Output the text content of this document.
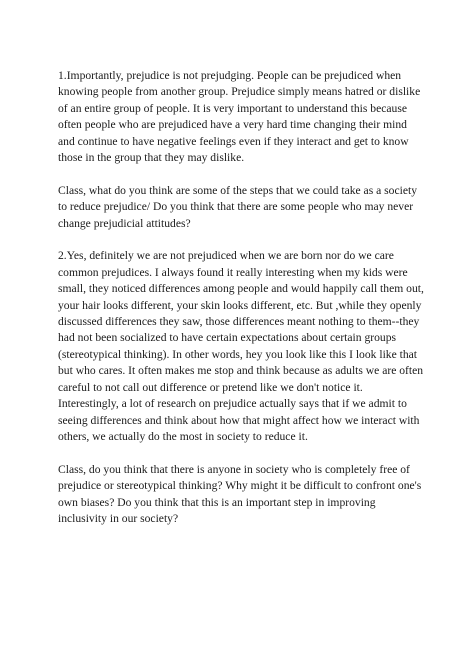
1.Importantly, prejudice is not prejudging. People can be prejudiced when knowing people from another group. Prejudice simply means hatred or dislike of an entire group of people. It is very important to understand this because often people who are prejudiced have a very hard time changing their mind and continue to have negative feelings even if they interact and get to know those in the group that they may dislike.

Class, what do you think are some of the steps that we could take as a society to reduce prejudice/ Do you think that there are some people who may never change prejudicial attitudes?

2.Yes, definitely we are not prejudiced when we are born nor do we care common prejudices. I always found it really interesting when my kids were small, they noticed differences among people and would happily call them out, your hair looks different, your skin looks different, etc. But ,while they openly discussed differences they saw, those differences meant nothing to them--they had not been socialized to have certain expectations about certain groups (stereotypical thinking). In other words, hey you look like this I look like that but who cares. It often makes me stop and think because as adults we are often careful to not call out difference or pretend like we don't notice it. Interestingly, a lot of research on prejudice actually says that if we admit to seeing differences and think about how that might affect how we interact with others, we actually do the most in society to reduce it.

Class, do you think that there is anyone in society who is completely free of prejudice or stereotypical thinking? Why might it be difficult to confront one's own biases? Do you think that this is an important step in improving inclusivity in our society?
